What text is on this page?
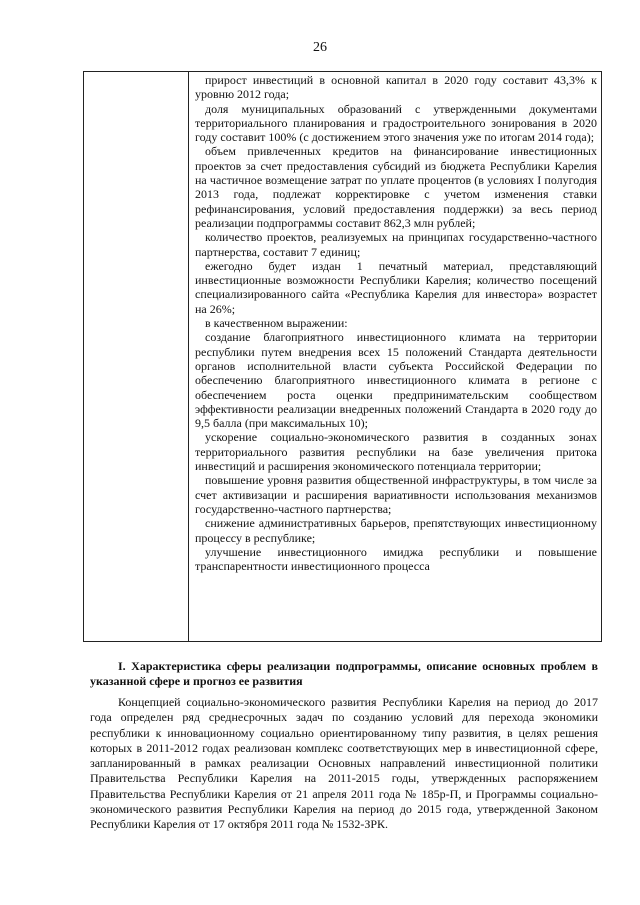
26

прирост инвестиций в основной капитал в 2020 году составит 43,3% к уровню 2012 года;

доля муниципальных образований с утвержденными документами территориального планирования и градостроительного зонирования в 2020 году составит 100% (с достижением этого значения уже по итогам 2014 года);

объем привлеченных кредитов на финансирование инвестиционных проектов за счет предоставления субсидий из бюджета Республики Карелия на частичное возмещение затрат по уплате процентов (в условиях I полугодия 2013 года, подлежат корректировке с учетом изменения ставки рефинансирования, условий предоставления поддержки) за весь период реализации подпрограммы составит 862,3 млн рублей;

количество проектов, реализуемых на принципах государственно-частного партнерства, составит 7 единиц;

ежегодно будет издан 1 печатный материал, представляющий инвестиционные возможности Республики Карелия; количество посещений специализированного сайта «Республика Карелия для инвестора» возрастет на 26%;

в качественном выражении:

создание благоприятного инвестиционного климата на территории республики путем внедрения всех 15 положений Стандарта деятельности органов исполнительной власти субъекта Российской Федерации по обеспечению благоприятного инвестиционного климата в регионе с обеспечением роста оценки предпринимательским сообществом эффективности реализации внедренных положений Стандарта в 2020 году до 9,5 балла (при максимальных 10);

ускорение социально-экономического развития в созданных зонах территориального развития республики на базе увеличения притока инвестиций и расширения экономического потенциала территории;

повышение уровня развития общественной инфраструктуры, в том числе за счет активизации и расширения вариативности использования механизмов государственно-частного партнерства;

снижение административных барьеров, препятствующих инвестиционному процессу в республике;

улучшение инвестиционного имиджа республики и повышение транспарентности инвестиционного процесса

I. Характеристика сферы реализации подпрограммы, описание основных проблем в указанной сфере и прогноз ее развития

Концепцией социально-экономического развития Республики Карелия на период до 2017 года определен ряд среднесрочных задач по созданию условий для перехода экономики республики к инновационному социально ориентированному типу развития, в целях решения которых в 2011-2012 годах реализован комплекс соответствующих мер в инвестиционной сфере, запланированный в рамках реализации Основных направлений инвестиционной политики Правительства Республики Карелия на 2011-2015 годы, утвержденных распоряжением Правительства Республики Карелия от 21 апреля 2011 года № 185р-П, и Программы социально-экономического развития Республики Карелия на период до 2015 года, утвержденной Законом Республики Карелия от 17 октября 2011 года № 1532-ЗРК.
